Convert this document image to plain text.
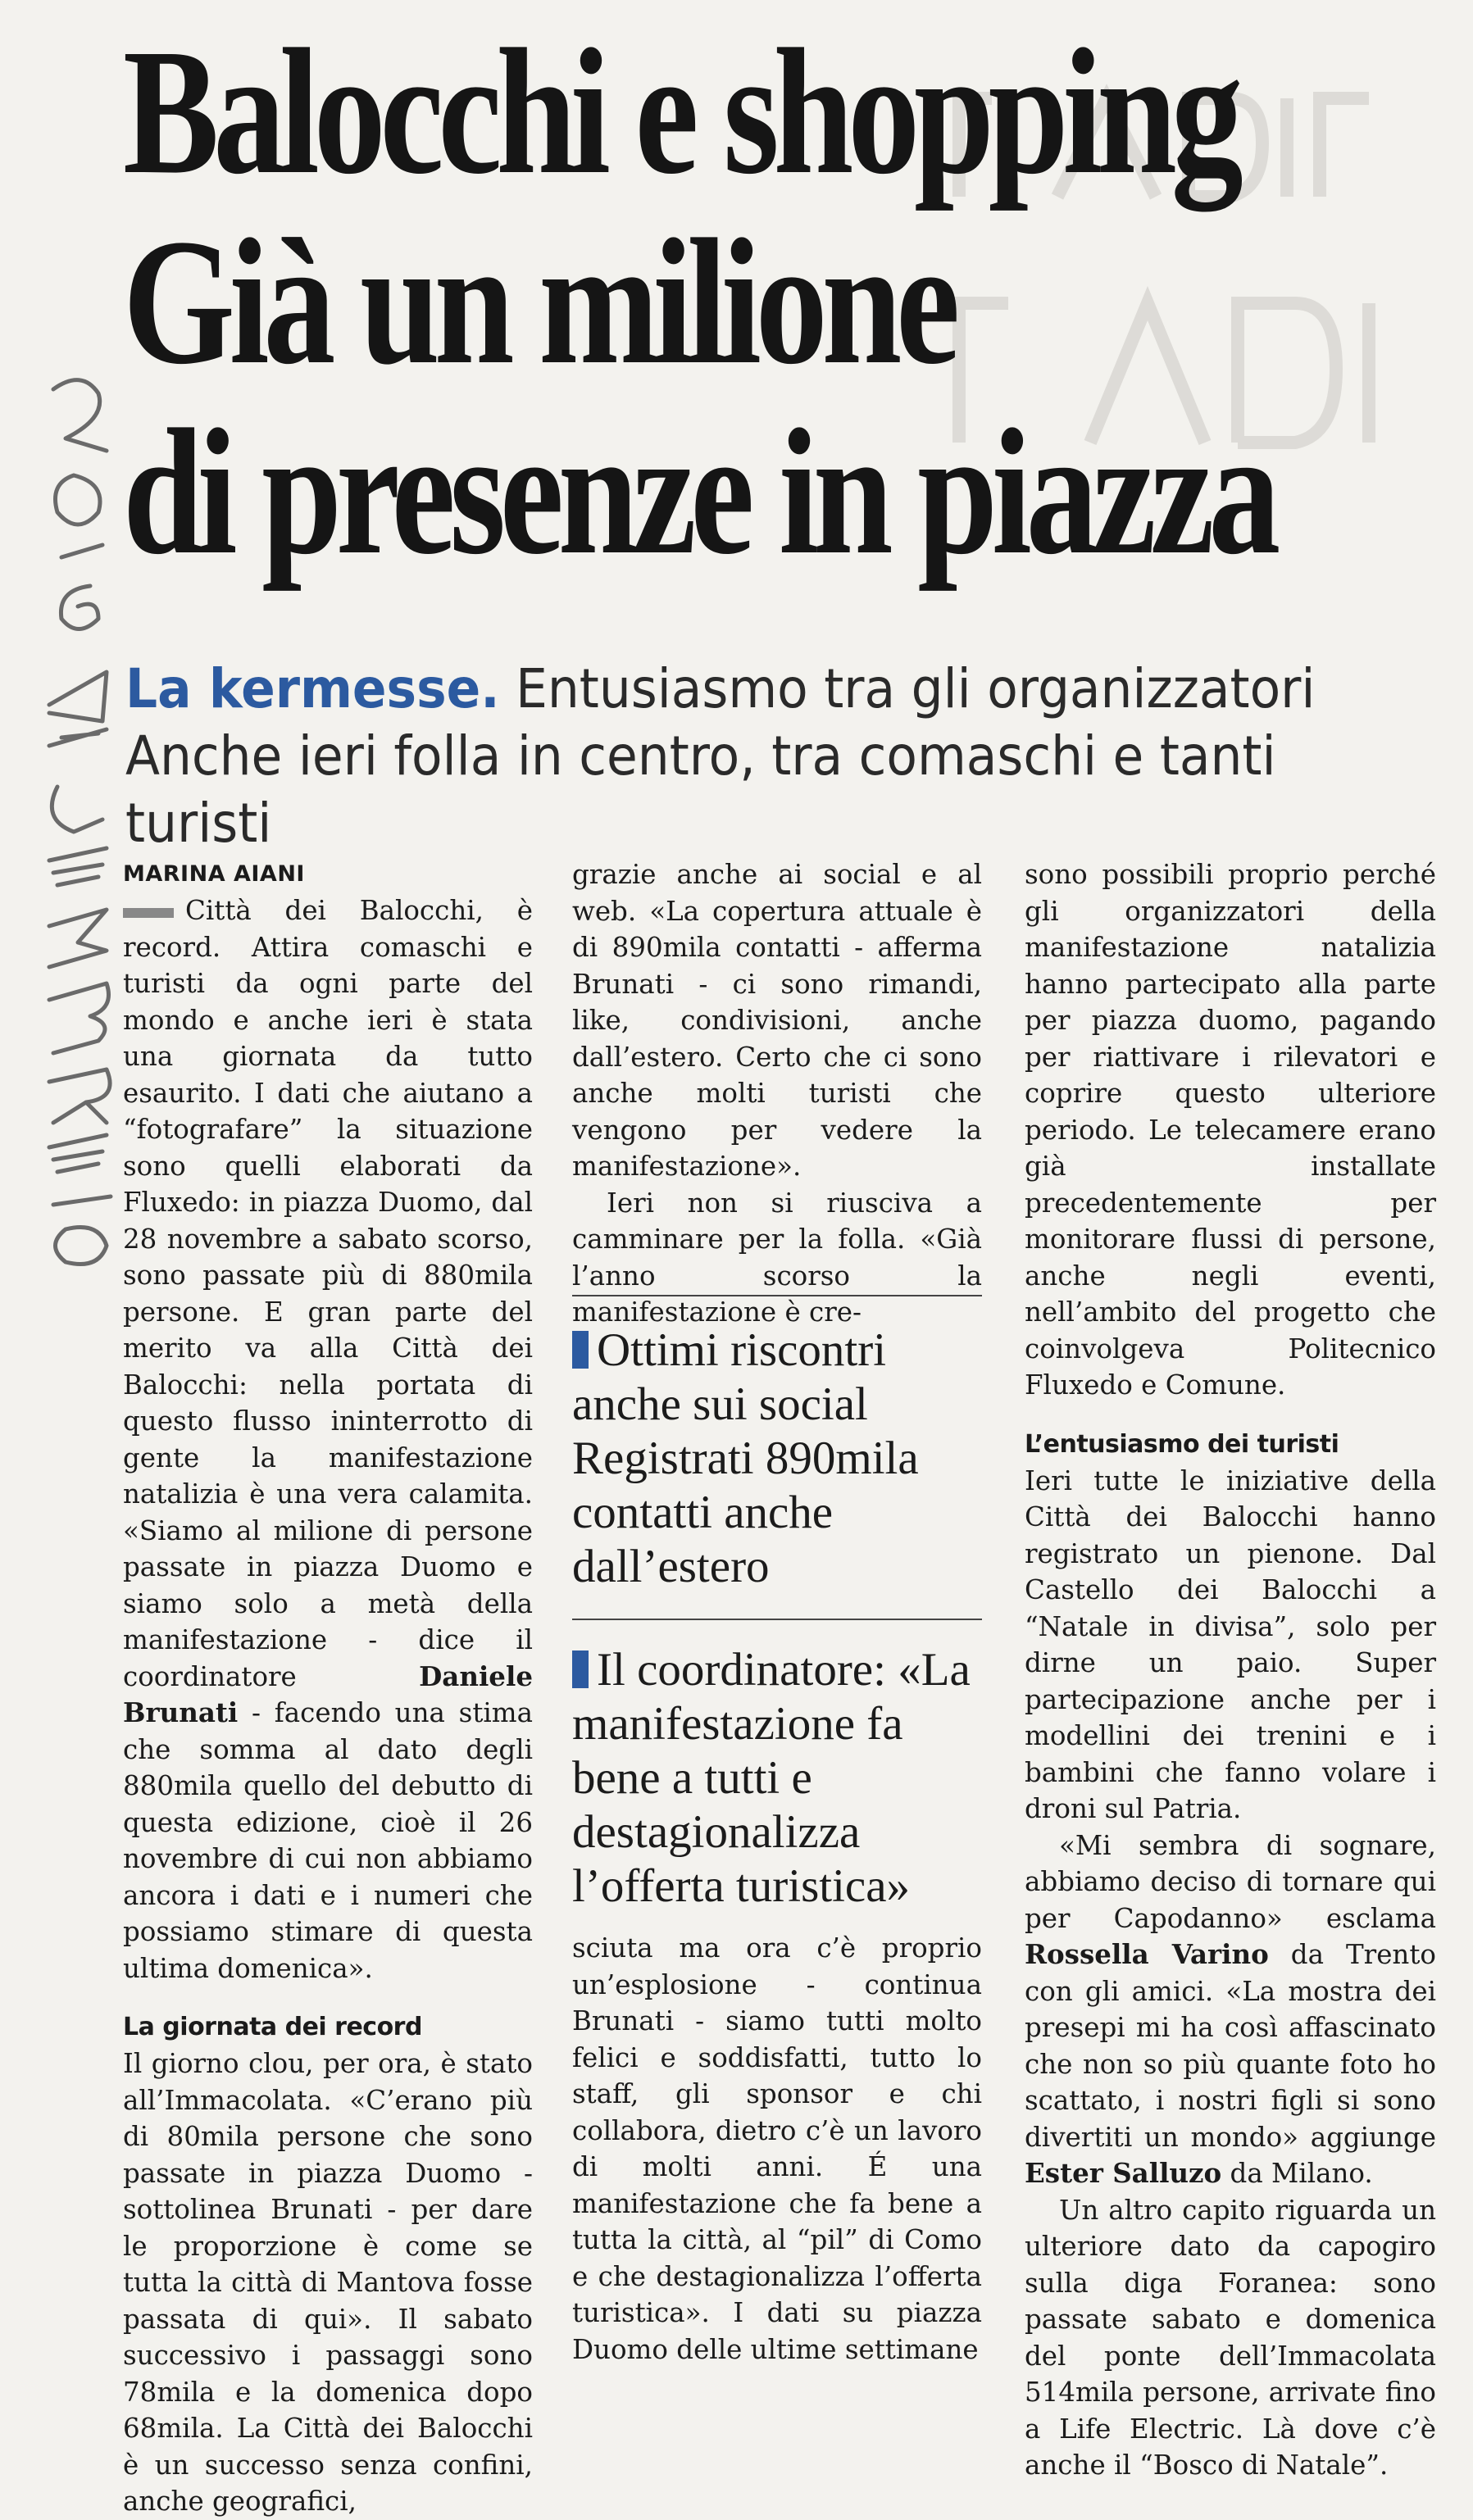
Balocchi e shopping
Già un milione
di presenze in piazza
La kermesse. Entusiasmo tra gli organizzatori
Anche ieri folla in centro, tra comaschi e tanti turisti
MARINA AIANI

Città dei Balocchi, è record. Attira comaschi e turisti da ogni parte del mondo e anche ieri è stata una giornata da tutto esaurito. I dati che aiutano a “fotografare” la situazione sono quelli elaborati da Fluxedo: in piazza Duomo, dal 28 novembre a sabato scorso, sono passate più di 880mila persone. E gran parte del merito va alla Città dei Balocchi: nella portata di questo flusso ininterrotto di gente la manifestazione natalizia è una vera calamita. «Siamo al milione di persone passate in piazza Duomo e siamo solo a metà della manifestazione - dice il coordinatore Daniele Brunati - facendo una stima che somma al dato degli 880mila quello del debutto di questa edizione, cioè il 26 novembre di cui non abbiamo ancora i dati e i numeri che possiamo stimare di questa ultima domenica».

La giornata dei record

Il giorno clou, per ora, è stato all’Immacolata. «C’erano più di 80mila persone che sono passate in piazza Duomo - sottolinea Brunati - per dare le proporzione è come se tutta la città di Mantova fosse passata di qui». Il sabato successivo i passaggi sono 78mila e la domenica dopo 68mila. La Città dei Balocchi è un successo senza confini, anche geografici,

grazie anche ai social e al web. «La copertura attuale è di 890mila contatti - afferma Brunati - ci sono rimandi, like, condivisioni, anche dall’estero. Certo che ci sono anche molti turisti che vengono per vedere la manifestazione».

Ieri non si riusciva a camminare per la folla. «Già l’anno scorso la manifestazione è cre-

Ottimi riscontri anche sui social Registrati 890mila contatti anche dall’estero
Il coordinatore: «La manifestazione fa bene a tutti e destagionalizza l’offerta turistica»

sciuta ma ora c’è proprio un’esplosione - continua Brunati - siamo tutti molto felici e soddisfatti, tutto lo staff, gli sponsor e chi collabora, dietro c’è un lavoro di molti anni. É una manifestazione che fa bene a tutta la città, al “pil” di Como e che destagionalizza l’offerta turistica». I dati su piazza Duomo delle ultime settimane

sono possibili proprio perché gli organizzatori della manifestazione natalizia hanno partecipato alla parte per piazza duomo, pagando per riattivare i rilevatori e coprire questo ulteriore periodo. Le telecamere erano già installate precedentemente per monitorare flussi di persone, anche negli eventi, nell’ambito del progetto che coinvolgeva Politecnico Fluxedo e Comune.

L’entusiasmo dei turisti

Ieri tutte le iniziative della Città dei Balocchi hanno registrato un pienone. Dal Castello dei Balocchi a “Natale in divisa”, solo per dirne un paio. Super partecipazione anche per i modellini dei trenini e i bambini che fanno volare i droni sul Patria.

«Mi sembra di sognare, abbiamo deciso di tornare qui per Capodanno» esclama Rossella Varino da Trento con gli amici. «La mostra dei presepi mi ha così affascinato che non so più quante foto ho scattato, i nostri figli si sono divertiti un mondo» aggiunge Ester Salluzo da Milano.

Un altro capito riguarda un ulteriore dato da capogiro sulla diga Foranea: sono passate sabato e domenica del ponte dell’Immacolata 514mila persone, arrivate fino a Life Electric. Là dove c’è anche il “Bosco di Natale”.
